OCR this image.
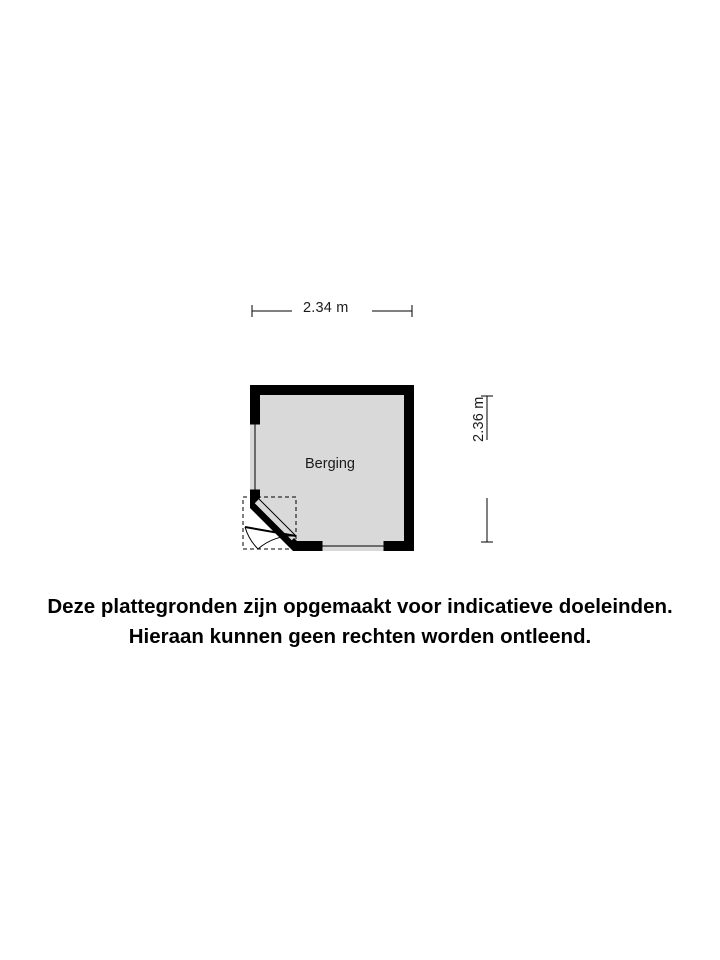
2.34 m
2.36 m
Berging
Deze plattegronden zijn opgemaakt voor indicatieve doeleinden.
Hieraan kunnen geen rechten worden ontleend.
